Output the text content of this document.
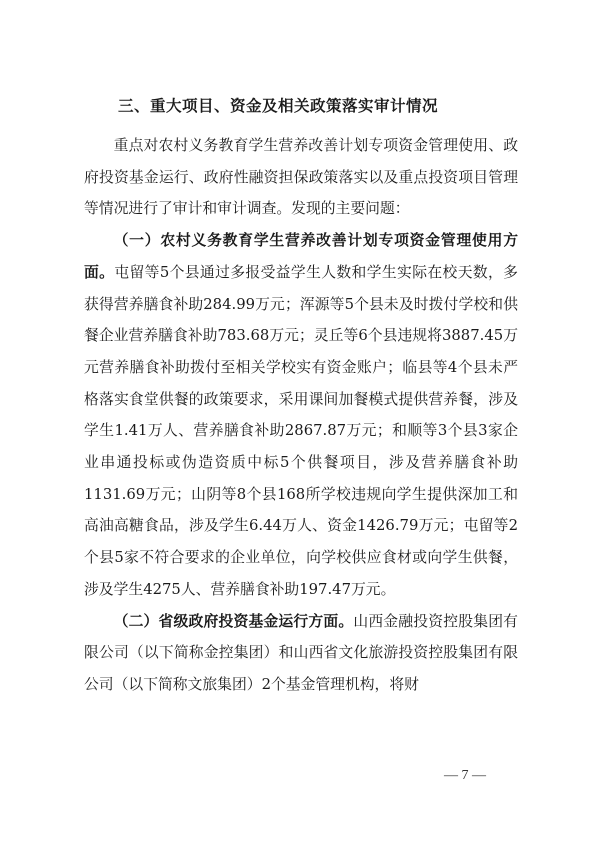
三、重大项目、资金及相关政策落实审计情况

重点对农村义务教育学生营养改善计划专项资金管理使用、政府投资基金运行、政府性融资担保政策落实以及重点投资项目管理等情况进行了审计和审计调查。发现的主要问题：

（一）农村义务教育学生营养改善计划专项资金管理使用方面。屯留等5个县通过多报受益学生人数和学生实际在校天数，多获得营养膳食补助284.99万元；浑源等5个县未及时拨付学校和供餐企业营养膳食补助783.68万元；灵丘等6个县违规将3887.45万元营养膳食补助拨付至相关学校实有资金账户；临县等4个县未严格落实食堂供餐的政策要求，采用课间加餐模式提供营养餐，涉及学生1.41万人、营养膳食补助2867.87万元；和顺等3个县3家企业串通投标或伪造资质中标5个供餐项目，涉及营养膳食补助1131.69万元；山阴等8个县168所学校违规向学生提供深加工和高油高糖食品，涉及学生6.44万人、资金1426.79万元；屯留等2个县5家不符合要求的企业单位，向学校供应食材或向学生供餐，涉及学生4275人、营养膳食补助197.47万元。

（二）省级政府投资基金运行方面。山西金融投资控股集团有限公司（以下简称金控集团）和山西省文化旅游投资控股集团有限公司（以下简称文旅集团）2个基金管理机构，将财

— 7 —
